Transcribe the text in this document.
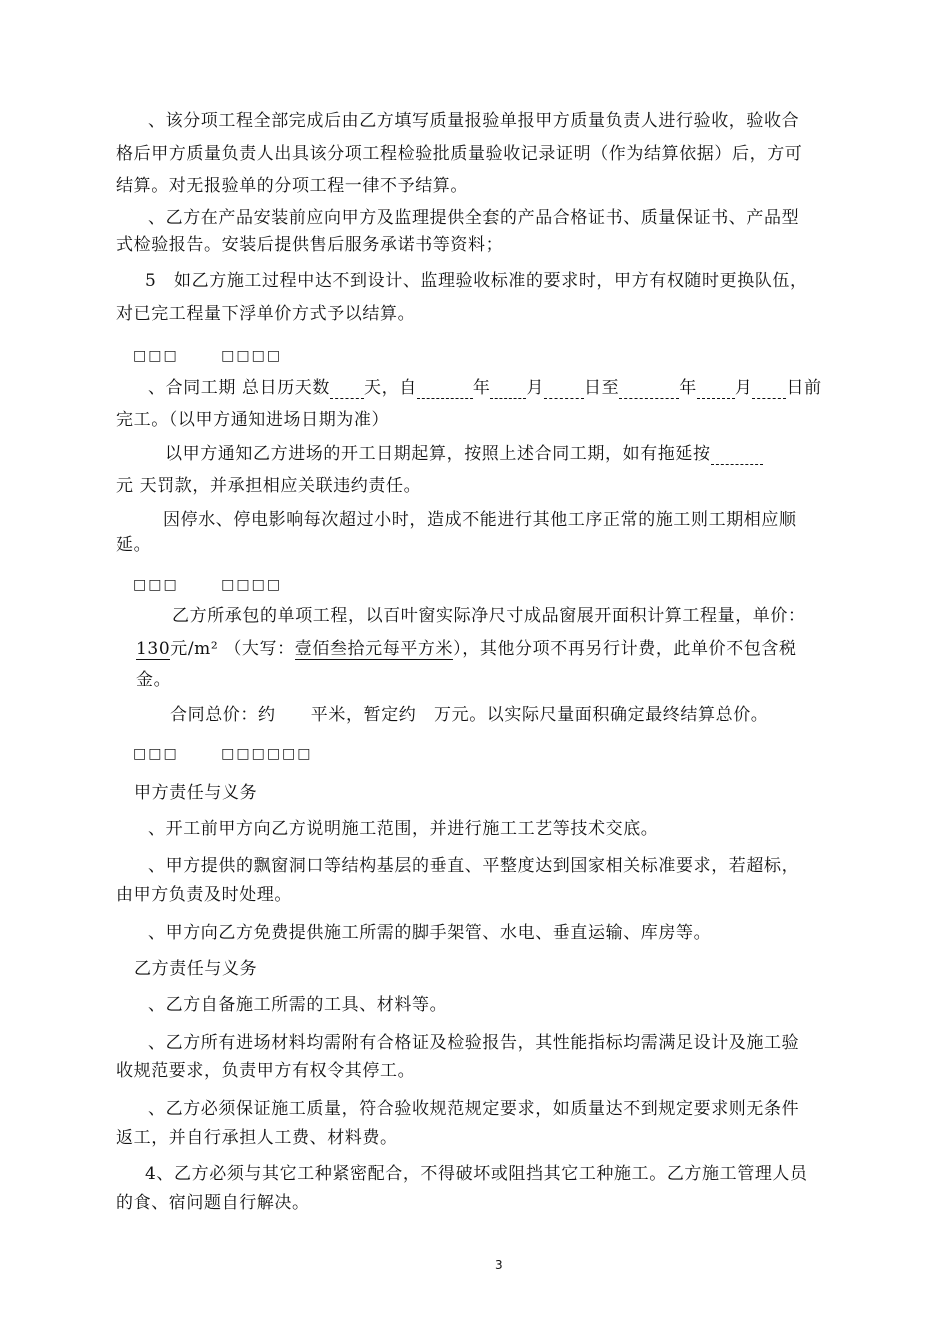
、该分项工程全部完成后由乙方填写质量报验单报甲方质量负责人进行验收，验收合
格后甲方质量负责人出具该分项工程检验批质量验收记录证明（作为结算依据）后，方可
结算。对无报验单的分项工程一律不予结算。
、乙方在产品安装前应向甲方及监理提供全套的产品合格证书、质量保证书、产品型
式检验报告。安装后提供售后服务承诺书等资料；
5　如乙方施工过程中达不到设计、监理验收标准的要求时，甲方有权随时更换队伍，
对已完工程量下浮单价方式予以结算。
□□□	□□□□
、合同工期 总日历天数 天，自	年 月 日至	年 月 日前
完工。（以甲方通知进场日期为准）
以甲方通知乙方进场的开工日期起算，按照上述合同工期，如有拖延按
元 天罚款，并承担相应关联违约责任。
因停水、停电影响每次超过小时，造成不能进行其他工序正常的施工则工期相应顺
延。
□□□	□□□□
乙方所承包的单项工程，以百叶窗实际净尺寸成品窗展开面积计算工程量，单价：
130元/m² （大写：壹佰叁拾元每平方米），其他分项不再另行计费，此单价不包含税
金。
合同总价：约　　平米，暂定约　万元。以实际尺量面积确定最终结算总价。
□□□	□□□□□□
甲方责任与义务
、开工前甲方向乙方说明施工范围，并进行施工工艺等技术交底。
、甲方提供的飘窗洞口等结构基层的垂直、平整度达到国家相关标准要求，若超标，
由甲方负责及时处理。
、甲方向乙方免费提供施工所需的脚手架管、水电、垂直运输、库房等。
乙方责任与义务
、乙方自备施工所需的工具、材料等。
、乙方所有进场材料均需附有合格证及检验报告，其性能指标均需满足设计及施工验
收规范要求，负责甲方有权令其停工。
、乙方必须保证施工质量，符合验收规范规定要求，如质量达不到规定要求则无条件
返工，并自行承担人工费、材料费。
4、乙方必须与其它工种紧密配合，不得破坏或阻挡其它工种施工。乙方施工管理人员
的食、宿问题自行解决。
3
